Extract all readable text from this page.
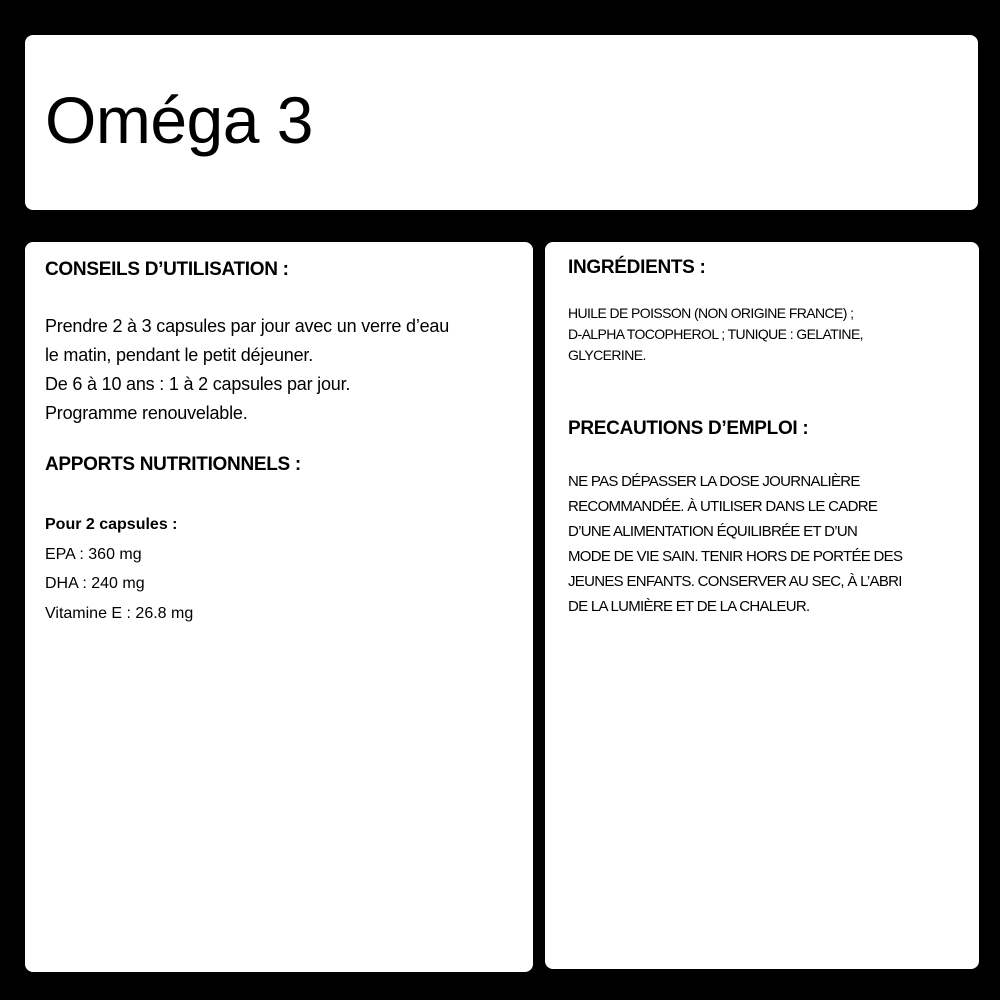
Oméga 3
CONSEILS D’UTILISATION :

Prendre 2 à 3 capsules par jour avec un verre d’eau
le matin, pendant le petit déjeuner.
De 6 à 10 ans : 1 à 2 capsules par jour.
Programme renouvelable.

APPORTS NUTRITIONNELS :
Pour 2 capsules :
EPA : 360 mg
DHA : 240 mg
Vitamine E : 26.8 mg
INGRÉDIENTS :

HUILE DE POISSON (NON ORIGINE FRANCE) ;
D-ALPHA TOCOPHEROL ; TUNIQUE : GELATINE,
GLYCERINE.

PRECAUTIONS D’EMPLOI :

NE PAS DÉPASSER LA DOSE JOURNALIÈRE
RECOMMANDÉE. À UTILISER DANS LE CADRE
D’UNE ALIMENTATION ÉQUILIBRÉE ET D’UN
MODE DE VIE SAIN. TENIR HORS DE PORTÉE DES
JEUNES ENFANTS. CONSERVER AU SEC, À L’ABRI
DE LA LUMIÈRE ET DE LA CHALEUR.
